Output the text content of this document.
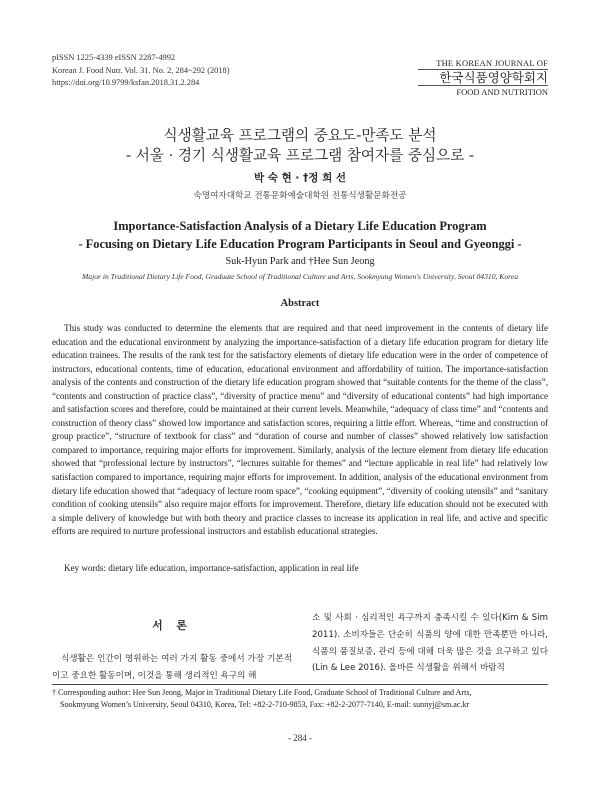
pISSN 1225-4339 eISSN 2287-4992
Korean J. Food Nutr. Vol. 31. No. 2, 284~292 (2018)
https://doi.org/10.9799/ksfan.2018.31.2.284
THE KOREAN JOURNAL OF
한국식품영양학회지
FOOD AND NUTRITION
식생활교육 프로그램의 중요도-만족도 분석
- 서울 · 경기 식생활교육 프로그램 참여자를 중심으로 -
박 숙 현 · †정 희 선
숙명여자대학교 전통문화예술대학원 전통식생활문화전공
Importance-Satisfaction Analysis of a Dietary Life Education Program
- Focusing on Dietary Life Education Program Participants in Seoul and Gyeonggi -
Suk-Hyun Park and †Hee Sun Jeong
Major in Traditional Dietary Life Food, Graduate School of Traditional Culture and Arts, Sookmyung Women's University, Seoul 04310, Korea
Abstract

This study was conducted to determine the elements that are required and that need improvement in the contents of dietary life education and the educational environment by analyzing the importance-satisfaction of a dietary life education program for dietary life education trainees. The results of the rank test for the satisfactory elements of dietary life education were in the order of competence of instructors, educational contents, time of education, educational environment and affordability of tuition. The importance-satisfaction analysis of the contents and construction of the dietary life education program showed that “suitable contents for the theme of the class”, “contents and construction of practice class”, “diversity of practice menu” and “diversity of educational contents” had high importance and satisfaction scores and therefore, could be maintained at their current levels. Meanwhile, “adequacy of class time” and “contents and construction of theory class” showed low importance and satisfaction scores, requiring a little effort. Whereas, “time and construction of group practice”, “structure of textbook for class” and “duration of course and number of classes” showed relatively low satisfaction compared to importance, requiring major efforts for improvement. Similarly, analysis of the lecture element from dietary life education showed that “professional lecture by instructors”, “lectures suitable for themes” and “lecture applicable in real life” had relatively low satisfaction compared to importance, requiring major efforts for improvement. In addition, analysis of the educational environment from dietary life education showed that “adequacy of lecture room space”, “cooking equipment”, “diversity of cooking utensils” and “sanitary condition of cooking utensils” also require major efforts for improvement. Therefore, dietary life education should not be executed with a simple delivery of knowledge but with both theory and practice classes to increase its application in real life, and active and specific efforts are required to nurture professional instructors and establish educational strategies.

Key words: dietary life education, importance-satisfaction, application in real life
서 론
식생활은 인간이 영위하는 여러 가지 활동 중에서 가장 기본적이고 중요한 활동이며, 이것을 통해 생리적인 욕구의 해
소 및 사회 · 심리적인 욕구까지 충족시킬 수 있다(Kim & Sim 2011). 소비자들은 단순히 식품의 양에 대한 만족뿐만 아니라, 식품의 품질보증, 관리 등에 대해 더욱 많은 것을 요구하고 있다(Lin & Lee 2016). 올바른 식생활을 위해서 바람직
† Corresponding author: Hee Sun Jeong, Major in Traditional Dietary Life Food, Graduate School of Traditional Culture and Arts,
Sookmyung Women’s University, Seoul 04310, Korea, Tel: +82-2-710-9853, Fax: +82-2-2077-7140, E-mail: sunnyj@sm.ac.kr
- 284 -
